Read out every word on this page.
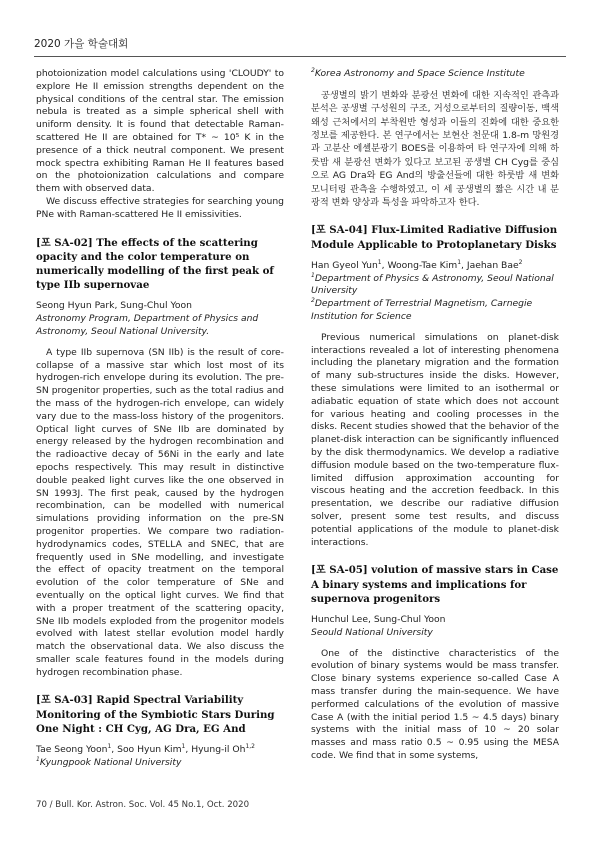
2020 가을 학술대회

photoionization model calculations using 'CLOUDY' to explore He II emission strengths dependent on the physical conditions of the central star. The emission nebula is treated as a simple spherical shell with uniform density. It is found that detectable Raman-scattered He II are obtained for T* ~ 10⁵ K in the presence of a thick neutral component. We present mock spectra exhibiting Raman He II features based on the photoionization calculations and compare them with observed data.

We discuss effective strategies for searching young PNe with Raman-scattered He II emissivities.

[포 SA-02] The effects of the scattering opacity and the color temperature on numerically modelling of the first peak of type IIb supernovae

Seong Hyun Park, Sung-Chul Yoon

Astronomy Program, Department of Physics and Astronomy, Seoul National University.

A type IIb supernova (SN IIb) is the result of core-collapse of a massive star which lost most of its hydrogen-rich envelope during its evolution. The pre-SN progenitor properties, such as the total radius and the mass of the hydrogen-rich envelope, can widely vary due to the mass-loss history of the progenitors. Optical light curves of SNe IIb are dominated by energy released by the hydrogen recombination and the radioactive decay of 56Ni in the early and late epochs respectively. This may result in distinctive double peaked light curves like the one observed in SN 1993J. The first peak, caused by the hydrogen recombination, can be modelled with numerical simulations providing information on the pre-SN progenitor properties. We compare two radiation-hydrodynamics codes, STELLA and SNEC, that are frequently used in SNe modelling, and investigate the effect of opacity treatment on the temporal evolution of the color temperature of SNe and eventually on the optical light curves. We find that with a proper treatment of the scattering opacity, SNe IIb models exploded from the progenitor models evolved with latest stellar evolution model hardly match the observational data. We also discuss the smaller scale features found in the models during hydrogen recombination phase.

[포 SA-03] Rapid Spectral Variability Monitoring of the Symbiotic Stars During One Night : CH Cyg, AG Dra, EG And

Tae Seong Yoon$^1$, Soo Hyun Kim$^1$, Hyung-il Oh$^{1,2}$

$^1$Kyungpook National University

$^2$Korea Astronomy and Space Science Institute

공생별의 밝기 변화와 분광선 변화에 대한 지속적인 관측과 분석은 공생별 구성원의 구조, 거성으로부터의 질량이동, 백색왜성 근처에서의 부착원반 형성과 이들의 진화에 대한 중요한 정보를 제공한다. 본 연구에서는 보현산 천문대 1.8-m 망원경과 고분산 에셸분광기 BOES를 이용하여 타 연구자에 의해 하룻밤 새 분광선 변화가 있다고 보고된 공생별 CH Cyg를 중심으로 AG Dra와 EG And의 방출선들에 대한 하룻밤 새 변화 모니터링 관측을 수행하였고, 이 세 공생별의 짧은 시간 내 분광적 변화 양상과 특성을 파악하고자 한다.

[포 SA-04] Flux-Limited Radiative Diffusion Module Applicable to Protoplanetary Disks

Han Gyeol Yun$^1$, Woong-Tae Kim$^1$, Jaehan Bae$^2$

$^1$Department of Physics & Astronomy, Seoul National University

$^2$Department of Terrestrial Magnetism, Carnegie Institution for Science

Previous numerical simulations on planet-disk interactions revealed a lot of interesting phenomena including the planetary migration and the formation of many sub-structures inside the disks. However, these simulations were limited to an isothermal or adiabatic equation of state which does not account for various heating and cooling processes in the disks. Recent studies showed that the behavior of the planet-disk interaction can be significantly influenced by the disk thermodynamics. We develop a radiative diffusion module based on the two-temperature flux-limited diffusion approximation accounting for viscous heating and the accretion feedback. In this presentation, we describe our radiative diffusion solver, present some test results, and discuss potential applications of the module to planet-disk interactions.

[포 SA-05] volution of massive stars in Case A binary systems and implications for supernova progenitors

Hunchul Lee, Sung-Chul Yoon

Seould National University

One of the distinctive characteristics of the evolution of binary systems would be mass transfer. Close binary systems experience so-called Case A mass transfer during the main-sequence. We have performed calculations of the evolution of massive Case A (with the initial period 1.5 ~ 4.5 days) binary systems with the initial mass of 10 ~ 20 solar masses and mass ratio 0.5 ~ 0.95 using the MESA code. We find that in some systems,

70 / Bull. Kor. Astron. Soc. Vol. 45 No.1, Oct. 2020
